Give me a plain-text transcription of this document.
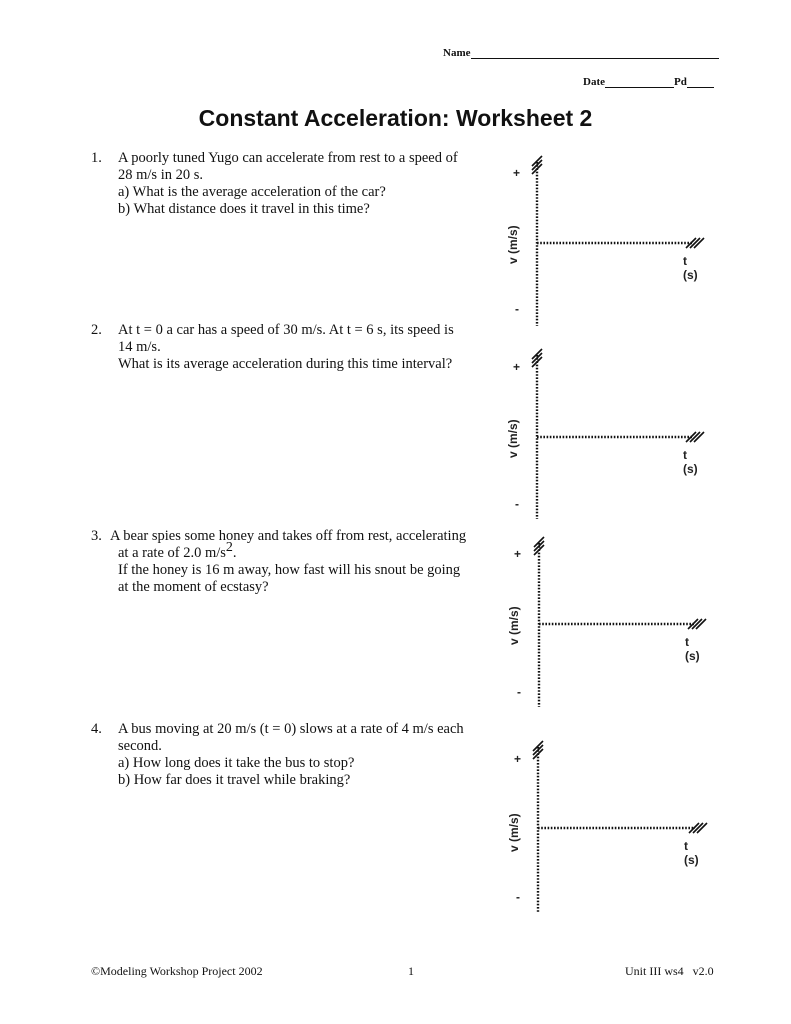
Name
Date	Pd
Constant Acceleration: Worksheet 2
1. A poorly tuned Yugo can accelerate from rest to a speed of
28 m/s in 20 s.
a) What is the average acceleration of the car?
b) What distance does it travel in this time?
2. At t = 0 a car has a speed of 30 m/s. At t = 6 s, its speed is
14 m/s.
What is its average acceleration during this time interval?
3. A bear spies some honey and takes off from rest, accelerating
at a rate of 2.0 $m/s^2$.
If the honey is 16 m away, how fast will his snout be going
at the moment of ecstasy?
4. A bus moving at 20 m/s (t = 0) slows at a rate of 4 m/s each
second.
a) How long does it take the bus to stop?
b) How far does it travel while braking?
+
-
v (m/s)	t (s)
+
-
v (m/s)	t (s)
+
-
v (m/s)	t (s)
+
-
v (m/s)	t (s)
©Modeling Workshop Project 2002	1	Unit III ws4   v2.0
